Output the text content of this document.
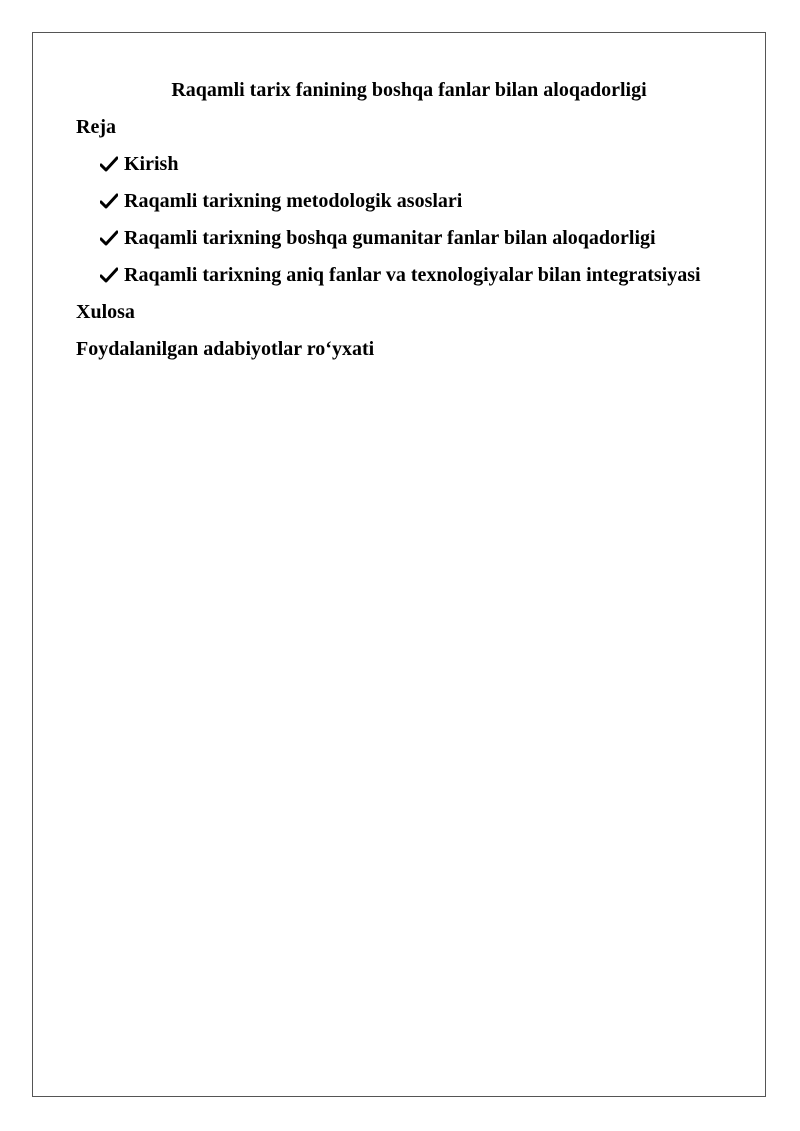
Raqamli tarix fanining boshqa fanlar bilan aloqadorligi

Reja

Kirish
Raqamli tarixning metodologik asoslari
Raqamli tarixning boshqa gumanitar fanlar bilan aloqadorligi
Raqamli tarixning aniq fanlar va texnologiyalar bilan integratsiyasi

Xulosa

Foydalanilgan adabiyotlar ro‘yxati
